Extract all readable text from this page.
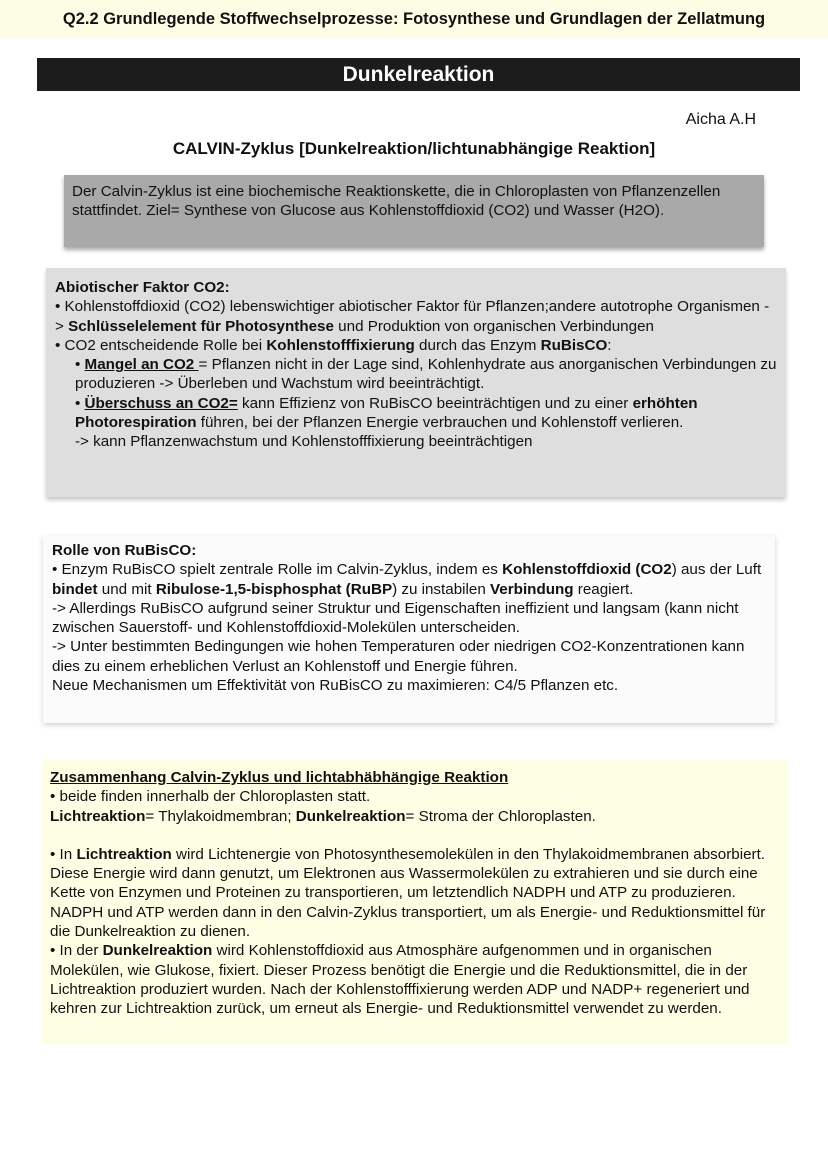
Q2.2 Grundlegende Stoffwechselprozesse: Fotosynthese und Grundlagen der Zellatmung
Dunkelreaktion
Aicha A.H
CALVIN-Zyklus [Dunkelreaktion/lichtunabhängige Reaktion]

Der Calvin-Zyklus ist eine biochemische Reaktionskette, die in Chloroplasten von Pflanzenzellen stattfindet. Ziel= Synthese von Glucose aus Kohlenstoffdioxid (CO2) und Wasser (H2O).

Abiotischer Faktor CO2:

• Kohlenstoffdioxid (CO2) lebenswichtiger abiotischer Faktor für Pflanzen;andere autotrophe Organismen -> Schlüsselelement für Photosynthese und Produktion von organischen Verbindungen

• CO2 entscheidende Rolle bei Kohlenstofffixierung durch das Enzym RuBisCO:

• Mangel an CO2 = Pflanzen nicht in der Lage sind, Kohlenhydrate aus anorganischen Verbindungen zu produzieren -> Überleben und Wachstum wird beeinträchtigt.

• Überschuss an CO2= kann Effizienz von RuBisCO beeinträchtigen und zu einer erhöhten Photorespiration führen, bei der Pflanzen Energie verbrauchen und Kohlenstoff verlieren.

-> kann Pflanzenwachstum und Kohlenstofffixierung beeinträchtigen

Rolle von RuBisCO:

• Enzym RuBisCO spielt zentrale Rolle im Calvin-Zyklus, indem es Kohlenstoffdioxid (CO2) aus der Luft bindet und mit Ribulose-1,5-bisphosphat (RuBP) zu instabilen Verbindung reagiert.

-> Allerdings RuBisCO aufgrund seiner Struktur und Eigenschaften ineffizient und langsam (kann nicht zwischen Sauerstoff- und Kohlenstoffdioxid-Molekülen unterscheiden.

-> Unter bestimmten Bedingungen wie hohen Temperaturen oder niedrigen CO2-Konzentrationen kann dies zu einem erheblichen Verlust an Kohlenstoff und Energie führen.

Neue Mechanismen um Effektivität von RuBisCO zu maximieren: C4/5 Pflanzen etc.

Zusammenhang Calvin-Zyklus und lichtabhäbhängige Reaktion

• beide finden innerhalb der Chloroplasten statt.

Lichtreaktion= Thylakoidmembran; Dunkelreaktion= Stroma der Chloroplasten.

• In Lichtreaktion wird Lichtenergie von Photosynthesemolekülen in den Thylakoidmembranen absorbiert. Diese Energie wird dann genutzt, um Elektronen aus Wassermolekülen zu extrahieren und sie durch eine Kette von Enzymen und Proteinen zu transportieren, um letztendlich NADPH und ATP zu produzieren. NADPH und ATP werden dann in den Calvin-Zyklus transportiert, um als Energie- und Reduktionsmittel für die Dunkelreaktion zu dienen.

• In der Dunkelreaktion wird Kohlenstoffdioxid aus Atmosphäre aufgenommen und in organischen Molekülen, wie Glukose, fixiert. Dieser Prozess benötigt die Energie und die Reduktionsmittel, die in der Lichtreaktion produziert wurden. Nach der Kohlenstofffixierung werden ADP und NADP+ regeneriert und kehren zur Lichtreaktion zurück, um erneut als Energie- und Reduktionsmittel verwendet zu werden.
